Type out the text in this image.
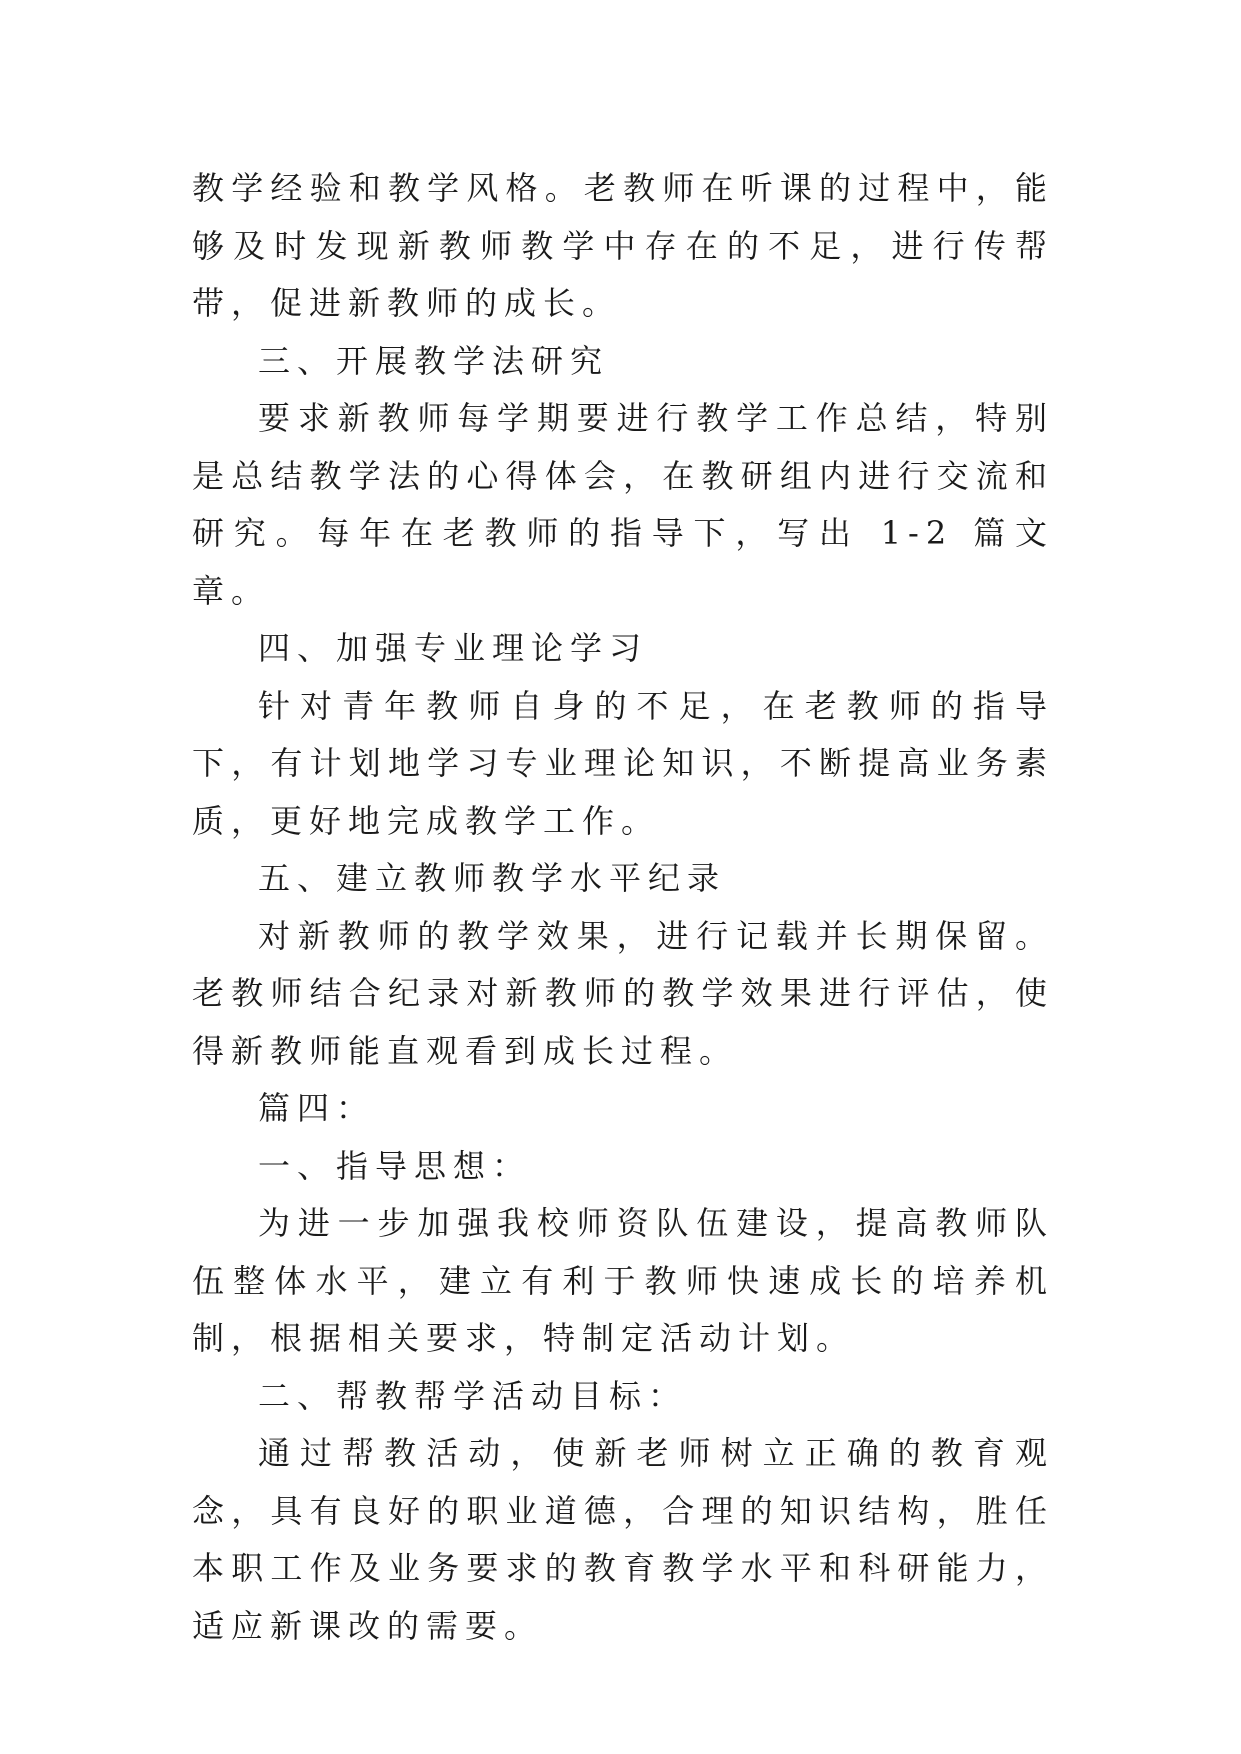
教学经验和教学风格。老教师在听课的过程中，能够及时发现新教师教学中存在的不足，进行传帮带，促进新教师的成长。

三、开展教学法研究

要求新教师每学期要进行教学工作总结，特别是总结教学法的心得体会，在教研组内进行交流和研究。每年在老教师的指导下，写出 1-2 篇文章。

四、加强专业理论学习

针对青年教师自身的不足，在老教师的指导下，有计划地学习专业理论知识，不断提高业务素质，更好地完成教学工作。

五、建立教师教学水平纪录

对新教师的教学效果，进行记载并长期保留。老教师结合纪录对新教师的教学效果进行评估，使得新教师能直观看到成长过程。

篇四：

一、指导思想：

为进一步加强我校师资队伍建设，提高教师队伍整体水平，建立有利于教师快速成长的培养机制，根据相关要求，特制定活动计划。

二、帮教帮学活动目标：

通过帮教活动，使新老师树立正确的教育观念，具有良好的职业道德，合理的知识结构，胜任本职工作及业务要求的教育教学水平和科研能力，适应新课改的需要。
